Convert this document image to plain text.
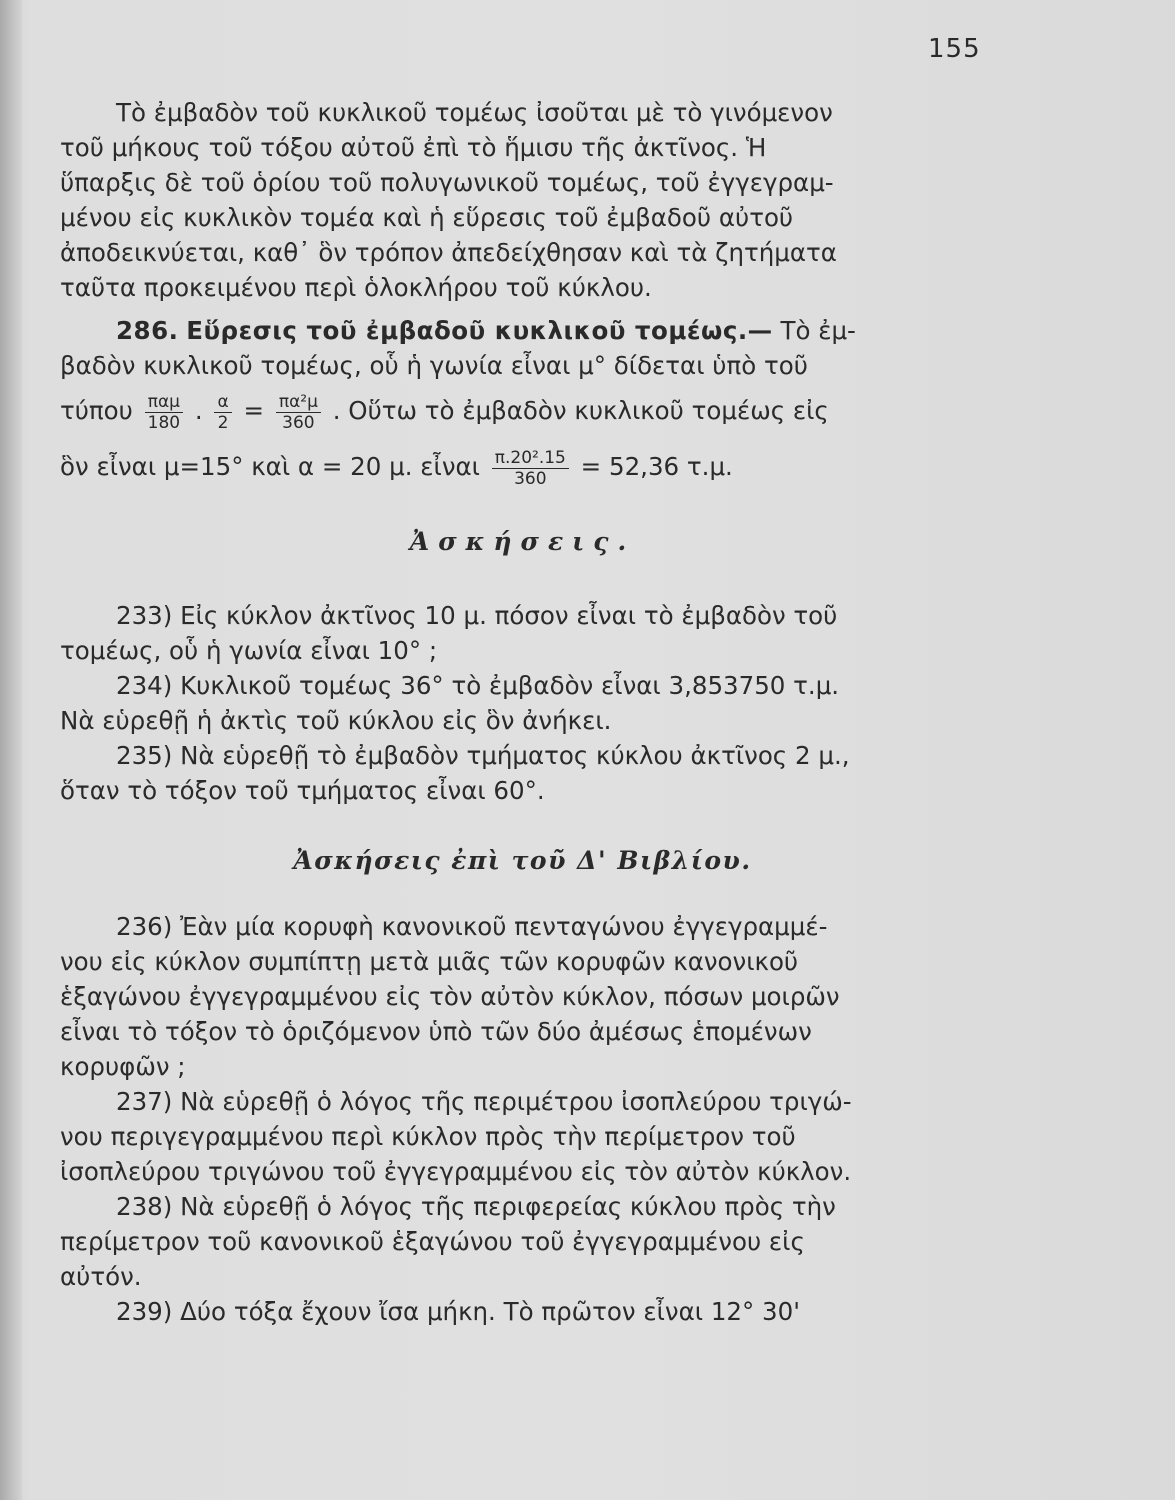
155

Τὸ ἐμβαδὸν τοῦ κυκλικοῦ τομέως ἰσοῦται μὲ τὸ γινόμενον

τοῦ μήκους τοῦ τόξου αὐτοῦ ἐπὶ τὸ ἥμισυ τῆς ἀκτῖνος. Ἡ

ὕπαρξις δὲ τοῦ ὁρίου τοῦ πολυγωνικοῦ τομέως, τοῦ ἐγγεγραμ-

μένου εἰς κυκλικὸν τομέα καὶ ἡ εὕρεσις τοῦ ἐμβαδοῦ αὐτοῦ

ἀποδεικνύεται, καθ᾽ ὃν τρόπον ἀπεδείχθησαν καὶ τὰ ζητήματα

ταῦτα προκειμένου περὶ ὁλοκλήρου τοῦ κύκλου.

286. Εὕρεσις τοῦ ἐμβαδοῦ κυκλικοῦ τομέως.— Τὸ ἐμ-

βαδὸν κυκλικοῦ τομέως, οὗ ἡ γωνία εἶναι μ° δίδεται ὑπὸ τοῦ

τύπου $\frac{\text{παμ}}{180}$ . $\frac{\alpha}{2} = \frac{\text{πα²μ}}{360}$ . Οὕτω τὸ ἐμβαδὸν κυκλικοῦ τομέως εἰς
ὃν εἶναι μ=15° καὶ α = 20 μ. εἶναι $\frac{\text{π.20².15}}{360} = 52,36$ τ.μ.

Ἀσκήσεις.

233) Εἰς κύκλον ἀκτῖνος 10 μ. πόσον εἶναι τὸ ἐμβαδὸν τοῦ

τομέως, οὗ ἡ γωνία εἶναι 10° ;

234) Κυκλικοῦ τομέως 36° τὸ ἐμβαδὸν εἶναι 3,853750 τ.μ.

Νὰ εὑρεθῇ ἡ ἀκτὶς τοῦ κύκλου εἰς ὃν ἀνήκει.

235) Νὰ εὑρεθῇ τὸ ἐμβαδὸν τμήματος κύκλου ἀκτῖνος 2 μ.,

ὅταν τὸ τόξον τοῦ τμήματος εἶναι 60°.

Ἀσκήσεις ἐπὶ τοῦ Δ' Βιβλίου.

236) Ἐὰν μία κορυφὴ κανονικοῦ πενταγώνου ἐγγεγραμμέ-

νου εἰς κύκλον συμπίπτῃ μετὰ μιᾶς τῶν κορυφῶν κανονικοῦ

ἑξαγώνου ἐγγεγραμμένου εἰς τὸν αὐτὸν κύκλον, πόσων μοιρῶν

εἶναι τὸ τόξον τὸ ὁριζόμενον ὑπὸ τῶν δύο ἀμέσως ἑπομένων

κορυφῶν ;

237) Νὰ εὑρεθῇ ὁ λόγος τῆς περιμέτρου ἰσοπλεύρου τριγώ-

νου περιγεγραμμένου περὶ κύκλον πρὸς τὴν περίμετρον τοῦ

ἰσοπλεύρου τριγώνου τοῦ ἐγγεγραμμένου εἰς τὸν αὐτὸν κύκλον.

238) Νὰ εὑρεθῇ ὁ λόγος τῆς περιφερείας κύκλου πρὸς τὴν

περίμετρον τοῦ κανονικοῦ ἑξαγώνου τοῦ ἐγγεγραμμένου εἰς

αὐτόν.

239) Δύο τόξα ἔχουν ἴσα μήκη. Τὸ πρῶτον εἶναι 12° 30'
